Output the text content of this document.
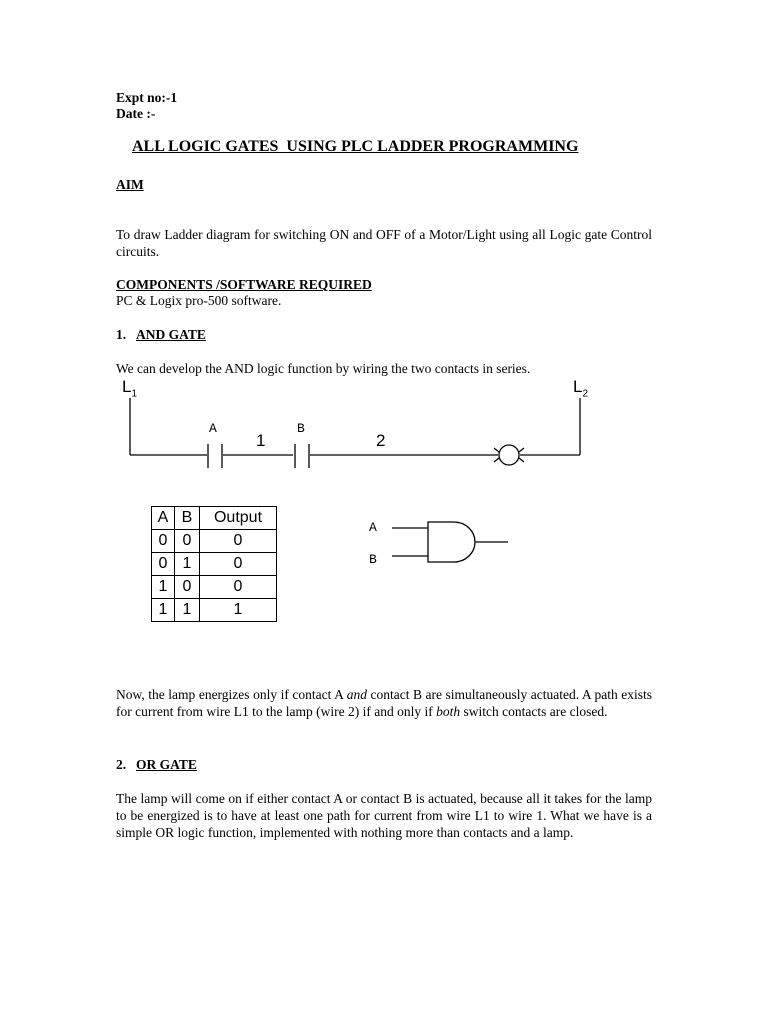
Expt no:-1
Date :-
ALL LOGIC GATES  USING PLC LADDER PROGRAMMING
AIM
To draw Ladder diagram for switching ON and OFF of a Motor/Light using all Logic gate Control circuits.
COMPONENTS /SOFTWARE REQUIRED
PC & Logix pro-500 software.
1. AND GATE
We can develop the AND logic function by wiring the two contacts in series.
$L_1$	$L_2$
A	B
1	2
A	B	Output
0	0	0
0	1	0
1	0	0
1	1	1
A
B
Now, the lamp energizes only if contact A and contact B are simultaneously actuated. A path exists for current from wire L1 to the lamp (wire 2) if and only if both switch contacts are closed.
2. OR GATE
The lamp will come on if either contact A or contact B is actuated, because all it takes for the lamp to be energized is to have at least one path for current from wire L1 to wire 1. What we have is a simple OR logic function, implemented with nothing more than contacts and a lamp.
